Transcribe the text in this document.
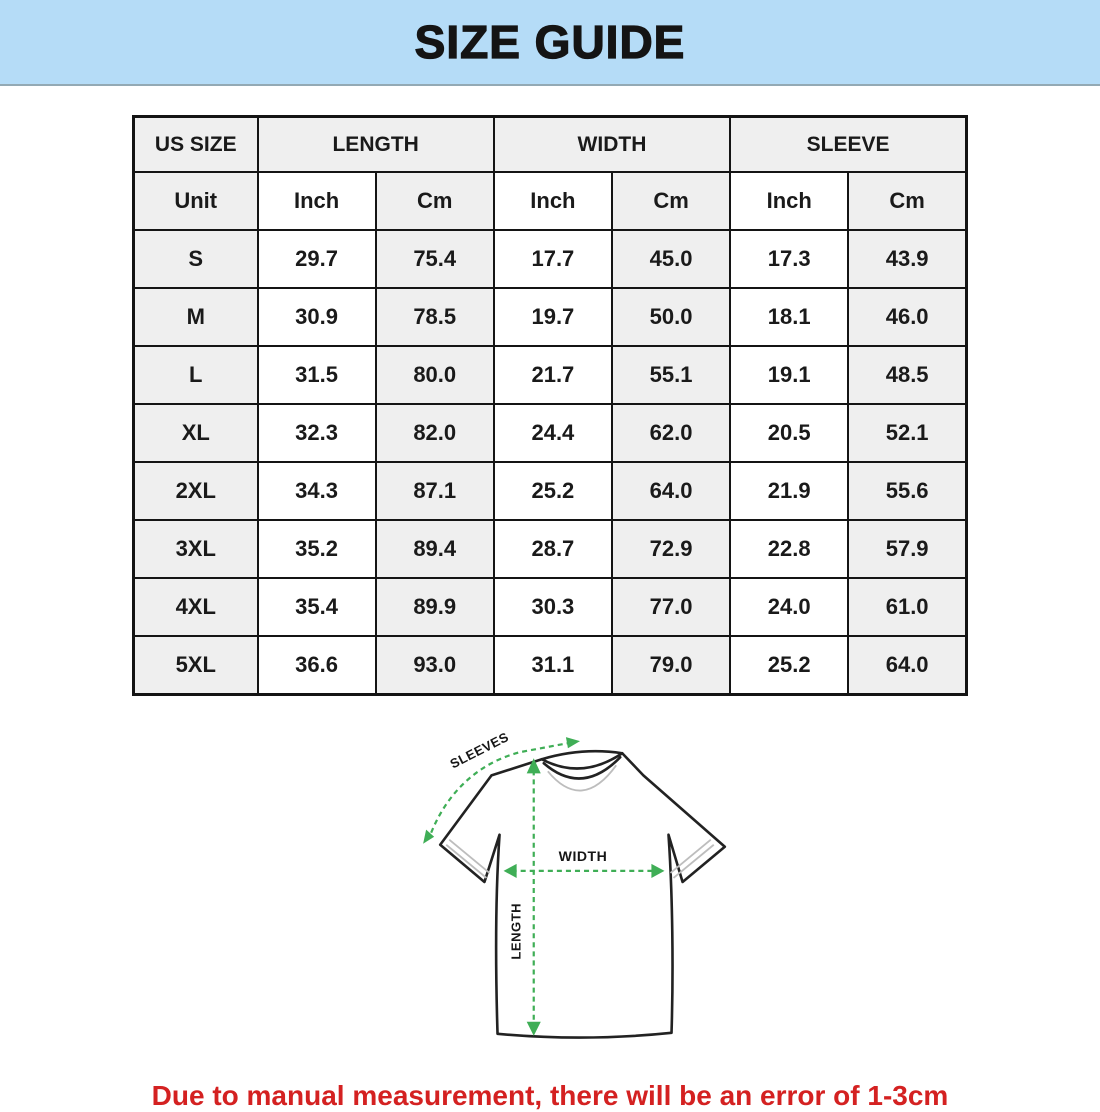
SIZE GUIDE
US SIZE	LENGTH		WIDTH		SLEEVE	
Unit	Inch	Cm	Inch	Cm	Inch	Cm
S	29.7	75.4	17.7	45.0	17.3	43.9
M	30.9	78.5	19.7	50.0	18.1	46.0
L	31.5	80.0	21.7	55.1	19.1	48.5
XL	32.3	82.0	24.4	62.0	20.5	52.1
2XL	34.3	87.1	25.2	64.0	21.9	55.6
3XL	35.2	89.4	28.7	72.9	22.8	57.9
4XL	35.4	89.9	30.3	77.0	24.0	61.0
5XL	36.6	93.0	31.1	79.0	25.2	64.0
WIDTH
LENGTH
SLEEVES

Due to manual measurement, there will be an error of 1-3cm
